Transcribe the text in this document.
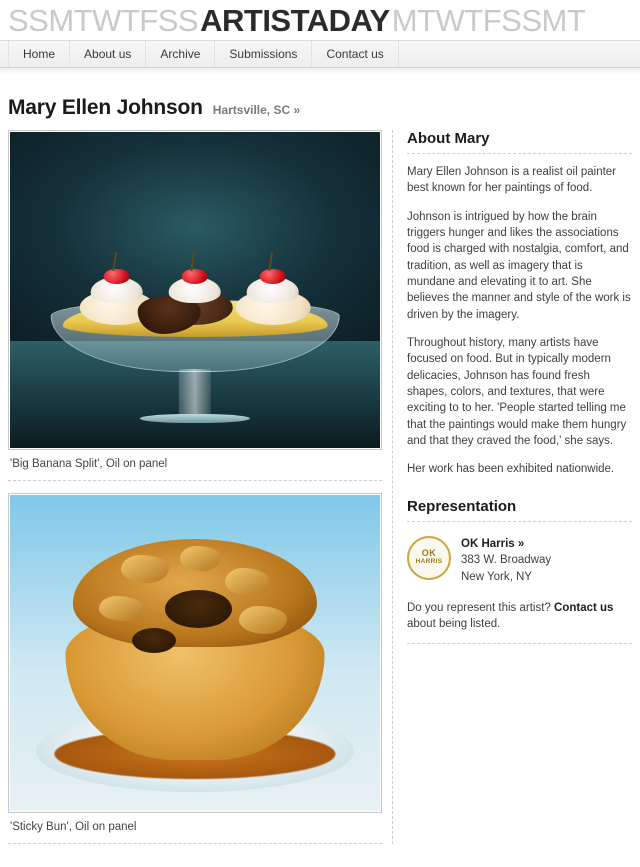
SSMTWTFSS ARTISTADAY MTWTFSSMT
Home	About us	Archive	Submissions	Contact us
Mary Ellen Johnson Hartsville, SC »
'Big Banana Split', Oil on panel
'Sticky Bun', Oil on panel
About Mary

Mary Ellen Johnson is a realist oil painter best known for her paintings of food.

Johnson is intrigued by how the brain triggers hunger and likes the associations food is charged with nostalgia, comfort, and tradition, as well as imagery that is mundane and elevating it to art. She believes the manner and style of the work is driven by the imagery.

Throughout history, many artists have focused on food. But in typically modern delicacies, Johnson has found fresh shapes, colors, and textures, that were exciting to to her. 'People started telling me that the paintings would make them hungry and that they craved the food,' she says.

Her work has been exhibited nationwide.

Representation
OK
HARRIS
OK Harris »
383 W. Broadway
New York, NY
Do you represent this artist? Contact us about being listed.
